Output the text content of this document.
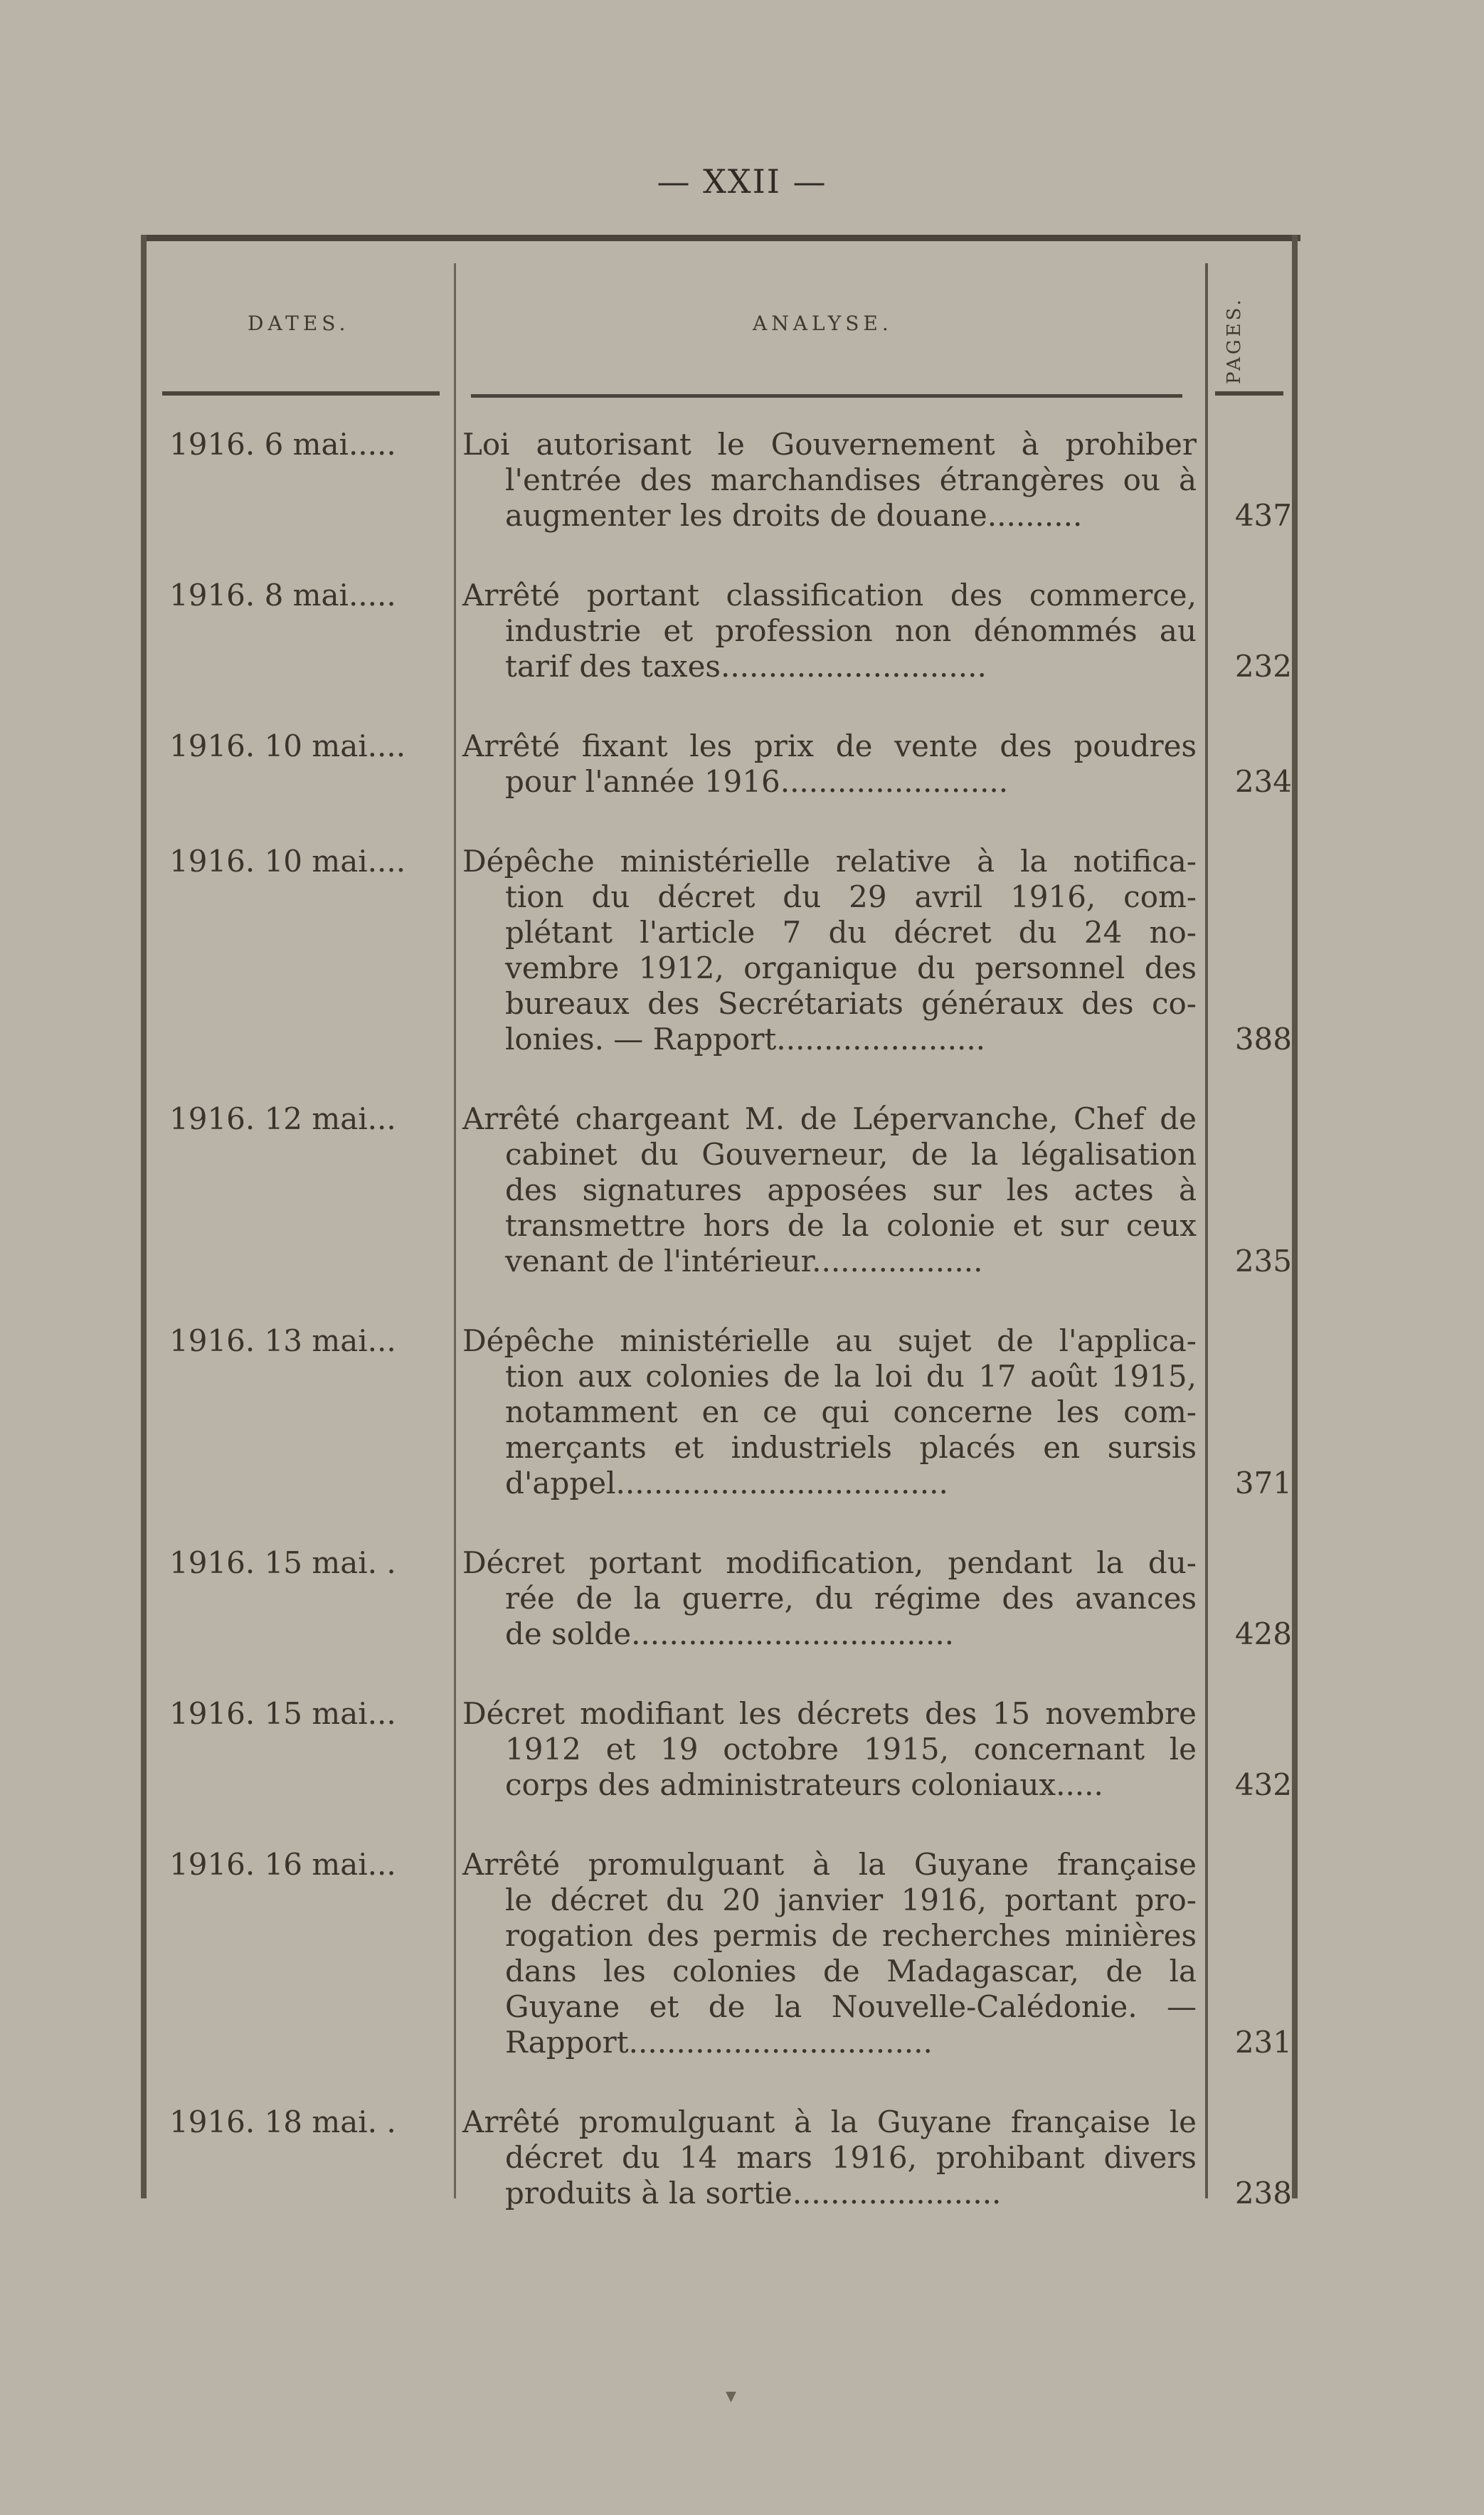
— XXII —
DATES.	ANALYSE.	PAGES.
1916. 6 mai.....	Loi autorisant le Gouvernement à prohiber
l'entrée des marchandises étrangères ou à
augmenter les droits de douane..........	437
1916. 8 mai.....	Arrêté portant classification des commerce,
industrie et profession non dénommés au
tarif des taxes............................	232
1916. 10 mai....	Arrêté fixant les prix de vente des poudres
pour l'année 1916........................	234
1916. 10 mai....	Dépêche ministérielle relative à la notifica-
tion du décret du 29 avril 1916, com-
plétant l'article 7 du décret du 24 no-
vembre 1912, organique du personnel des
bureaux des Secrétariats généraux des co-
lonies. — Rapport......................	388
1916. 12 mai...	Arrêté chargeant M. de Lépervanche, Chef de
cabinet du Gouverneur, de la légalisation
des signatures apposées sur les actes à
transmettre hors de la colonie et sur ceux
venant de l'intérieur..................	235
1916. 13 mai...	Dépêche ministérielle au sujet de l'applica-
tion aux colonies de la loi du 17 août 1915,
notamment en ce qui concerne les com-
merçants et industriels placés en sursis
d'appel...................................	371
1916. 15 mai. .	Décret portant modification, pendant la du-
rée de la guerre, du régime des avances
de solde..................................	428
1916. 15 mai...	Décret modifiant les décrets des 15 novembre
1912 et 19 octobre 1915, concernant le
corps des administrateurs coloniaux.....	432
1916. 16 mai...	Arrêté promulguant à la Guyane française
le décret du 20 janvier 1916, portant pro-
rogation des permis de recherches minières
dans les colonies de Madagascar, de la
Guyane et de la Nouvelle-Calédonie. —
Rapport................................	231
1916. 18 mai. .	Arrêté promulguant à la Guyane française le
décret du 14 mars 1916, prohibant divers
produits à la sortie......................	238
▾
